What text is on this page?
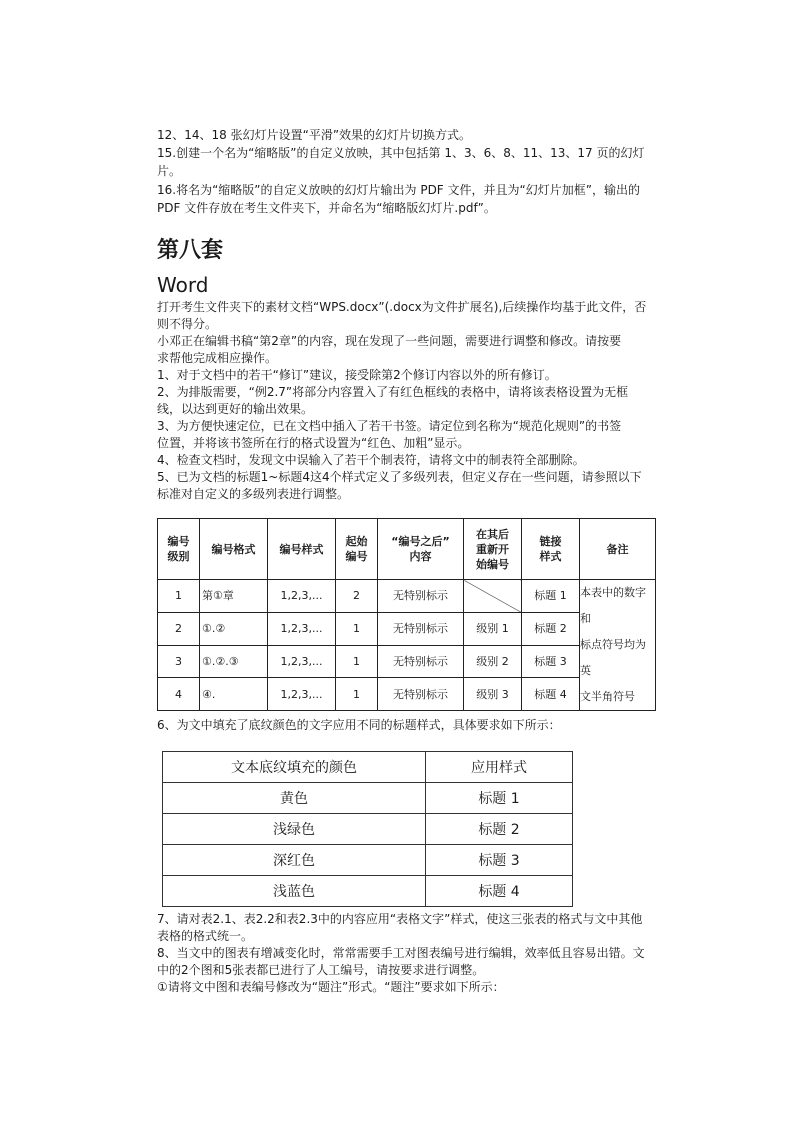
12、14、18 张幻灯片设置“平滑”效果的幻灯片切换方式。
15.创建一个名为“缩略版”的自定义放映，其中包括第 1、3、6、8、11、13、17 页的幻灯
片。
16.将名为“缩略版”的自定义放映的幻灯片输出为 PDF 文件，并且为“幻灯片加框”，输出的
PDF 文件存放在考生文件夹下，并命名为“缩略版幻灯片.pdf”。
第八套
Word
打开考生文件夹下的素材文档“WPS.docx”(.docx为文件扩展名),后续操作均基于此文件，否
则不得分。
小邓正在编辑书稿“第2章”的内容，现在发现了一些问题，需要进行调整和修改。请按要
求帮他完成相应操作。
1、对于文档中的若干“修订”建议，接受除第2个修订内容以外的所有修订。
2、为排版需要，“例2.7”将部分内容置入了有红色框线的表格中，请将该表格设置为无框
线，以达到更好的输出效果。
3、为方便快速定位，已在文档中插入了若干书签。请定位到名称为“规范化规则”的书签
位置，并将该书签所在行的格式设置为“红色、加粗”显示。
4、检查文档时，发现文中误输入了若干个制表符，请将文中的制表符全部删除。
5、已为文档的标题1~标题4这4个样式定义了多级列表，但定义存在一些问题，请参照以下
标准对自定义的多级列表进行调整。
编号
级别	编号格式	编号样式	起始
编号	“编号之后”
内容	在其后
重新开
始编号	链接
样式	备注
1	第①章	1,2,3,...	2	无特别标示		标题 1	本表中的数字和
标点符号均为英
文半角符号
2	①.②	1,2,3,...	1	无特别标示	级别 1	标题 2	
3	①.②.③	1,2,3,...	1	无特别标示	级别 2	标题 3	
4	④.	1,2,3,...	1	无特别标示	级别 3	标题 4	
6、为文中填充了底纹颜色的文字应用不同的标题样式，具体要求如下所示：
文本底纹填充的颜色	应用样式
黄色	标题 1
浅绿色	标题 2
深红色	标题 3
浅蓝色	标题 4
7、请对表2.1、表2.2和表2.3中的内容应用“表格文字”样式，使这三张表的格式与文中其他
表格的格式统一。
8、当文中的图表有增减变化时，常常需要手工对图表编号进行编辑，效率低且容易出错。文
中的2个图和5张表都已进行了人工编号，请按要求进行调整。
①请将文中图和表编号修改为“题注”形式。“题注”要求如下所示：
